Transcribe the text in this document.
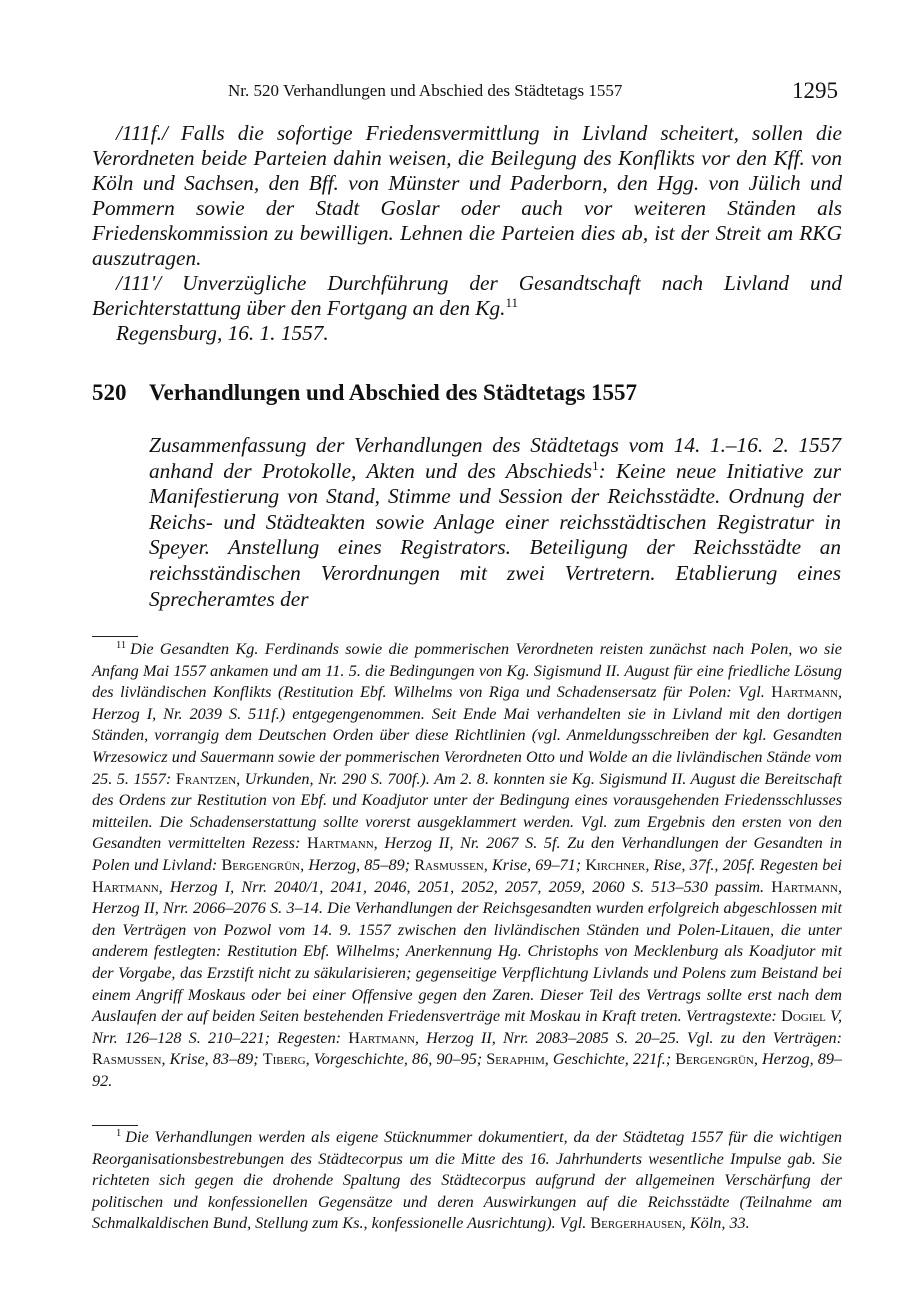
Nr. 520 Verhandlungen und Abschied des Städtetags 1557	1295

/111f./ Falls die sofortige Friedensvermittlung in Livland scheitert, sollen die Verordneten beide Parteien dahin weisen, die Beilegung des Konflikts vor den Kff. von Köln und Sachsen, den Bff. von Münster und Paderborn, den Hgg. von Jülich und Pommern sowie der Stadt Goslar oder auch vor weiteren Ständen als Friedenskommission zu bewilligen. Lehnen die Parteien dies ab, ist der Streit am RKG auszutragen.

/111'/ Unverzügliche Durchführung der Gesandtschaft nach Livland und Berichterstattung über den Fortgang an den Kg.$^{11}$

Regensburg, 16. 1. 1557.

520 Verhandlungen und Abschied des Städtetags 1557

Zusammenfassung der Verhandlungen des Städtetags vom 14. 1.–16. 2. 1557 anhand der Protokolle, Akten und des Abschieds$^1$: Keine neue Initiative zur Manifestierung von Stand, Stimme und Session der Reichsstädte. Ordnung der Reichs- und Städteakten sowie Anlage einer reichsstädtischen Registratur in Speyer. Anstellung eines Registrators. Beteiligung der Reichsstädte an reichsständischen Verordnungen mit zwei Vertretern. Etablierung eines Sprecheramtes der

$^{11}$ Die Gesandten Kg. Ferdinands sowie die pommerischen Verordneten reisten zunächst nach Polen, wo sie Anfang Mai 1557 ankamen und am 11. 5. die Bedingungen von Kg. Sigismund II. August für eine friedliche Lösung des livländischen Konflikts (Restitution Ebf. Wilhelms von Riga und Schadensersatz für Polen: Vgl. Hartmann, Herzog I, Nr. 2039 S. 511f.) entgegengenommen. Seit Ende Mai verhandelten sie in Livland mit den dortigen Ständen, vorrangig dem Deutschen Orden über diese Richtlinien (vgl. Anmeldungsschreiben der kgl. Gesandten Wrzesowicz und Sauermann sowie der pommerischen Verordneten Otto und Wolde an die livländischen Stände vom 25. 5. 1557: Frantzen, Urkunden, Nr. 290 S. 700f.). Am 2. 8. konnten sie Kg. Sigismund II. August die Bereitschaft des Ordens zur Restitution von Ebf. und Koadjutor unter der Bedingung eines vorausgehenden Friedensschlusses mitteilen. Die Schadenserstattung sollte vorerst ausgeklammert werden. Vgl. zum Ergebnis den ersten von den Gesandten vermittelten Rezess: Hartmann, Herzog II, Nr. 2067 S. 5f. Zu den Verhandlungen der Gesandten in Polen und Livland: Bergengrün, Herzog, 85–89; Rasmussen, Krise, 69–71; Kirchner, Rise, 37f., 205f. Regesten bei Hartmann, Herzog I, Nrr. 2040/1, 2041, 2046, 2051, 2052, 2057, 2059, 2060 S. 513–530 passim. Hartmann, Herzog II, Nrr. 2066–2076 S. 3–14. Die Verhandlungen der Reichsgesandten wurden erfolgreich abgeschlossen mit den Verträgen von Pozwol vom 14. 9. 1557 zwischen den livländischen Ständen und Polen-Litauen, die unter anderem festlegten: Restitution Ebf. Wilhelms; Anerkennung Hg. Christophs von Mecklenburg als Koadjutor mit der Vorgabe, das Erzstift nicht zu säkularisieren; gegenseitige Verpflichtung Livlands und Polens zum Beistand bei einem Angriff Moskaus oder bei einer Offensive gegen den Zaren. Dieser Teil des Vertrags sollte erst nach dem Auslaufen der auf beiden Seiten bestehenden Friedensverträge mit Moskau in Kraft treten. Vertragstexte: Dogiel V, Nrr. 126–128 S. 210–221; Regesten: Hartmann, Herzog II, Nrr. 2083–2085 S. 20–25. Vgl. zu den Verträgen: Rasmussen, Krise, 83–89; Tiberg, Vorgeschichte, 86, 90–95; Seraphim, Geschichte, 221f.; Bergengrün, Herzog, 89–92.

$^1$ Die Verhandlungen werden als eigene Stücknummer dokumentiert, da der Städtetag 1557 für die wichtigen Reorganisationsbestrebungen des Städtecorpus um die Mitte des 16. Jahrhunderts wesentliche Impulse gab. Sie richteten sich gegen die drohende Spaltung des Städtecorpus aufgrund der allgemeinen Verschärfung der politischen und konfessionellen Gegensätze und deren Auswirkungen auf die Reichsstädte (Teilnahme am Schmalkaldischen Bund, Stellung zum Ks., konfessionelle Ausrichtung). Vgl. Bergerhausen, Köln, 33.
